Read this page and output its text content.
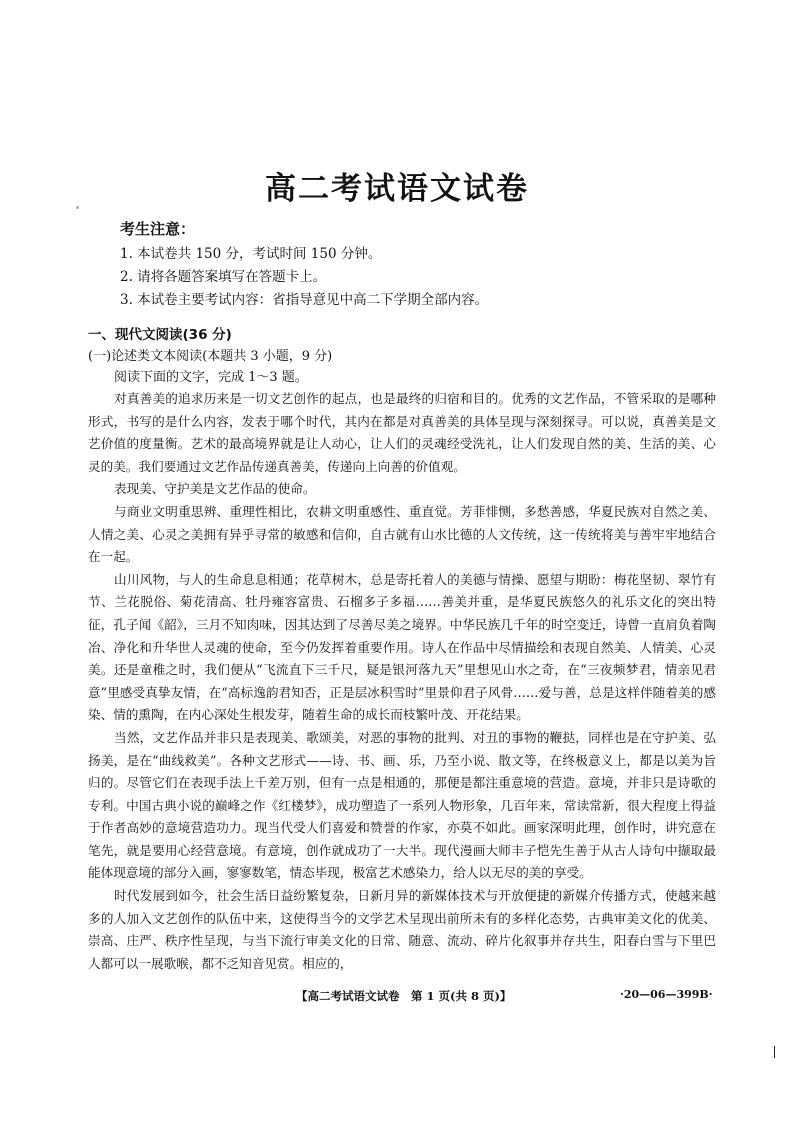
高二考试语文试卷
考生注意：
1. 本试卷共 150 分，考试时间 150 分钟。
2. 请将各题答案填写在答题卡上。
3. 本试卷主要考试内容：省指导意见中高二下学期全部内容。
一、现代文阅读(36 分)
(一)论述类文本阅读(本题共 3 小题，9 分)
阅读下面的文字，完成 1～3 题。

对真善美的追求历来是一切文艺创作的起点，也是最终的归宿和目的。优秀的文艺作品，不管采取的是哪种形式，书写的是什么内容，发表于哪个时代，其内在都是对真善美的具体呈现与深刻探寻。可以说，真善美是文艺价值的度量衡。艺术的最高境界就是让人动心，让人们的灵魂经受洗礼，让人们发现自然的美、生活的美、心灵的美。我们要通过文艺作品传递真善美，传递向上向善的价值观。

表现美、守护美是文艺作品的使命。

与商业文明重思辨、重理性相比，农耕文明重感性、重直觉。芳菲悱恻，多愁善感，华夏民族对自然之美、人情之美、心灵之美拥有异乎寻常的敏感和信仰，自古就有山水比德的人文传统，这一传统将美与善牢牢地结合在一起。

山川风物，与人的生命息息相通；花草树木，总是寄托着人的美德与情操、愿望与期盼：梅花坚韧、翠竹有节、兰花脱俗、菊花清高、牡丹雍容富贵、石榴多子多福……善美并重，是华夏民族悠久的礼乐文化的突出特征，孔子闻《韶》，三月不知肉味，因其达到了尽善尽美之境界。中华民族几千年的时空变迁，诗曾一直肩负着陶冶、净化和升华世人灵魂的使命，至今仍发挥着重要作用。诗人在作品中尽情描绘和表现自然美、人情美、心灵美。还是童稚之时，我们便从“飞流直下三千尺，疑是银河落九天”里想见山水之奇，在“三夜频梦君，情亲见君意”里感受真挚友情，在“高标逸韵君知否，正是层冰积雪时”里景仰君子风骨……爱与善，总是这样伴随着美的感染、情的熏陶，在内心深处生根发芽，随着生命的成长而枝繁叶茂、开花结果。

当然，文艺作品并非只是表现美、歌颂美，对恶的事物的批判、对丑的事物的鞭挞，同样也是在守护美、弘扬美，是在“曲线救美”。各种文艺形式——诗、书、画、乐，乃至小说、散文等，在终极意义上，都是以美为旨归的。尽管它们在表现手法上千差万别，但有一点是相通的，那便是都注重意境的营造。意境，并非只是诗歌的专利。中国古典小说的巅峰之作《红楼梦》，成功塑造了一系列人物形象，几百年来，常读常新，很大程度上得益于作者高妙的意境营造功力。现当代受人们喜爱和赞誉的作家，亦莫不如此。画家深明此理，创作时，讲究意在笔先，就是要用心经营意境。有意境，创作就成功了一大半。现代漫画大师丰子恺先生善于从古人诗句中撷取最能体现意境的部分入画，寥寥数笔，情态毕现，极富艺术感染力，给人以无尽的美的享受。

时代发展到如今，社会生活日益纷繁复杂，日新月异的新媒体技术与开放便捷的新媒介传播方式，使越来越多的人加入文艺创作的队伍中来，这使得当今的文学艺术呈现出前所未有的多样化态势，古典审美文化的优美、崇高、庄严、秩序性呈现，与当下流行审美文化的日常、随意、流动、碎片化叙事并存共生，阳春白雪与下里巴人都可以一展歌喉，都不乏知音见赏。相应的，

【高二考试语文试卷　第 1 页(共 8 页)】	·20—06—399B·
